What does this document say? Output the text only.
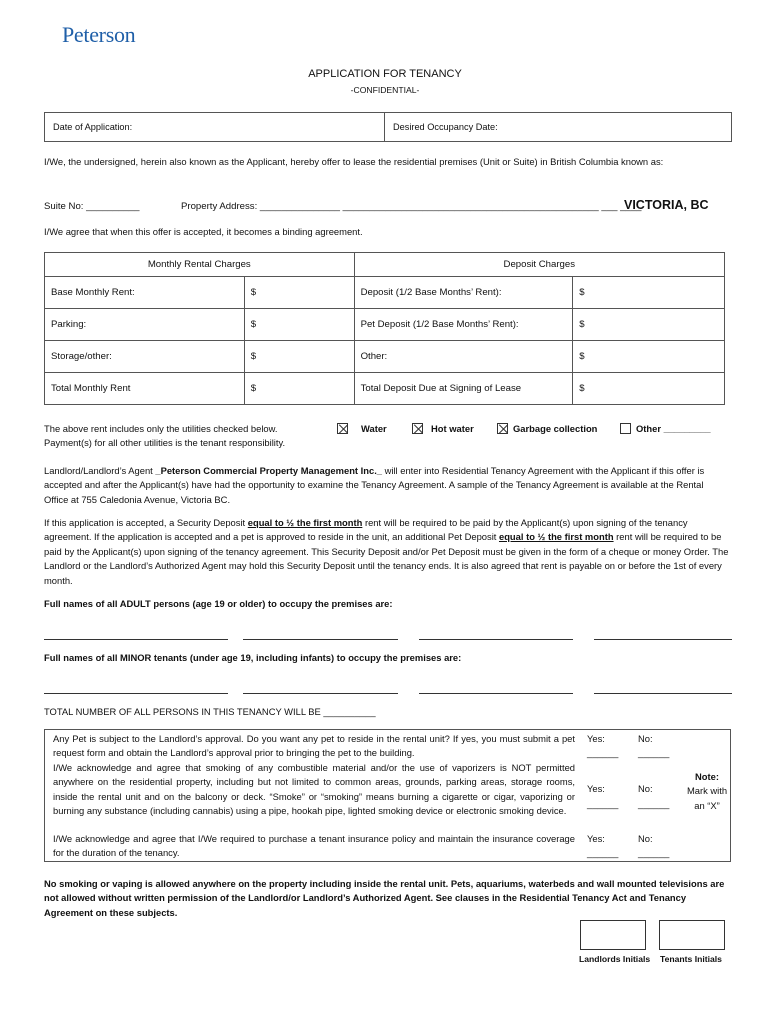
Peterson
APPLICATION FOR TENANCY
-CONFIDENTIAL-
Date of Application:	Desired Occupancy Date:
I/We, the undersigned, herein also known as the Applicant, hereby offer to lease the residential premises (Unit or Suite) in British Columbia known as:
Suite No: __________	Property Address: _______________ ________________________________________________ ___ ____
VICTORIA, BC
I/We agree that when this offer is accepted, it becomes a binding agreement.
Monthly Rental Charges		Deposit Charges	
Base Monthly Rent:	$	Deposit (1/2 Base Months’ Rent):	$
Parking:	$	Pet Deposit (1/2 Base Months’ Rent):	$
Storage/other:	$	Other:	$
Total Monthly Rent	$	Total Deposit Due at Signing of Lease	$
The above rent includes only the utilities checked below.
Payment(s) for all other utilities is the tenant responsibility.
Water	Hot water	Garbage collection	Other _________
Landlord/Landlord’s Agent _Peterson Commercial Property Management Inc._ will enter into Residential Tenancy Agreement with the Applicant if this offer is accepted and after the Applicant(s) have had the opportunity to examine the Tenancy Agreement. A sample of the Tenancy Agreement is available at the Rental Office at 755 Caledonia Avenue, Victoria BC.
If this application is accepted, a Security Deposit equal to ½ the first month rent will be required to be paid by the Applicant(s) upon signing of the tenancy agreement. If the application is accepted and a pet is approved to reside in the unit, an additional Pet Deposit equal to ½ the first month rent will be required to be paid by the Applicant(s) upon signing of the tenancy agreement. This Security Deposit and/or Pet Deposit must be given in the form of a cheque or money Order. The Landlord or the Landlord’s Authorized Agent may hold this Security Deposit until the tenancy ends. It is also agreed that rent is payable on or before the 1st of every month.
Full names of all ADULT persons (age 19 or older) to occupy the premises are:
Full names of all MINOR tenants (under age 19, including infants) to occupy the premises are:
TOTAL NUMBER OF ALL PERSONS IN THIS TENANCY WILL BE __________
Any Pet is subject to the Landlord’s approval. Do you want any pet to reside in the rental unit? If yes, you must submit a pet request form and obtain the Landlord’s approval prior to bringing the pet to the building.
I/We acknowledge and agree that smoking of any combustible material and/or the use of vaporizers is NOT permitted anywhere on the residential property, including but not limited to common areas, grounds, parking areas, storage rooms, inside the rental unit and on the balcony or deck. “Smoke” or “smoking” means burning a cigarette or cigar, vaporizing or burning any substance (including cannabis) using a pipe, hookah pipe, lighted smoking device or electronic smoking device.
I/We acknowledge and agree that I/We required to purchase a tenant insurance policy and maintain the insurance coverage for the duration of the tenancy.
Yes:	No:
______ ______
Yes:	No:
______ ______
Yes:	No:
______ ______
Note:
Mark with an “X”
No smoking or vaping is allowed anywhere on the property including inside the rental unit. Pets, aquariums, waterbeds and wall mounted televisions are not allowed without written permission of the Landlord/or Landlord’s Authorized Agent. See clauses in the Residential Tenancy Act and Tenancy Agreement on these subjects.
Landlords Initials Tenants Initials
